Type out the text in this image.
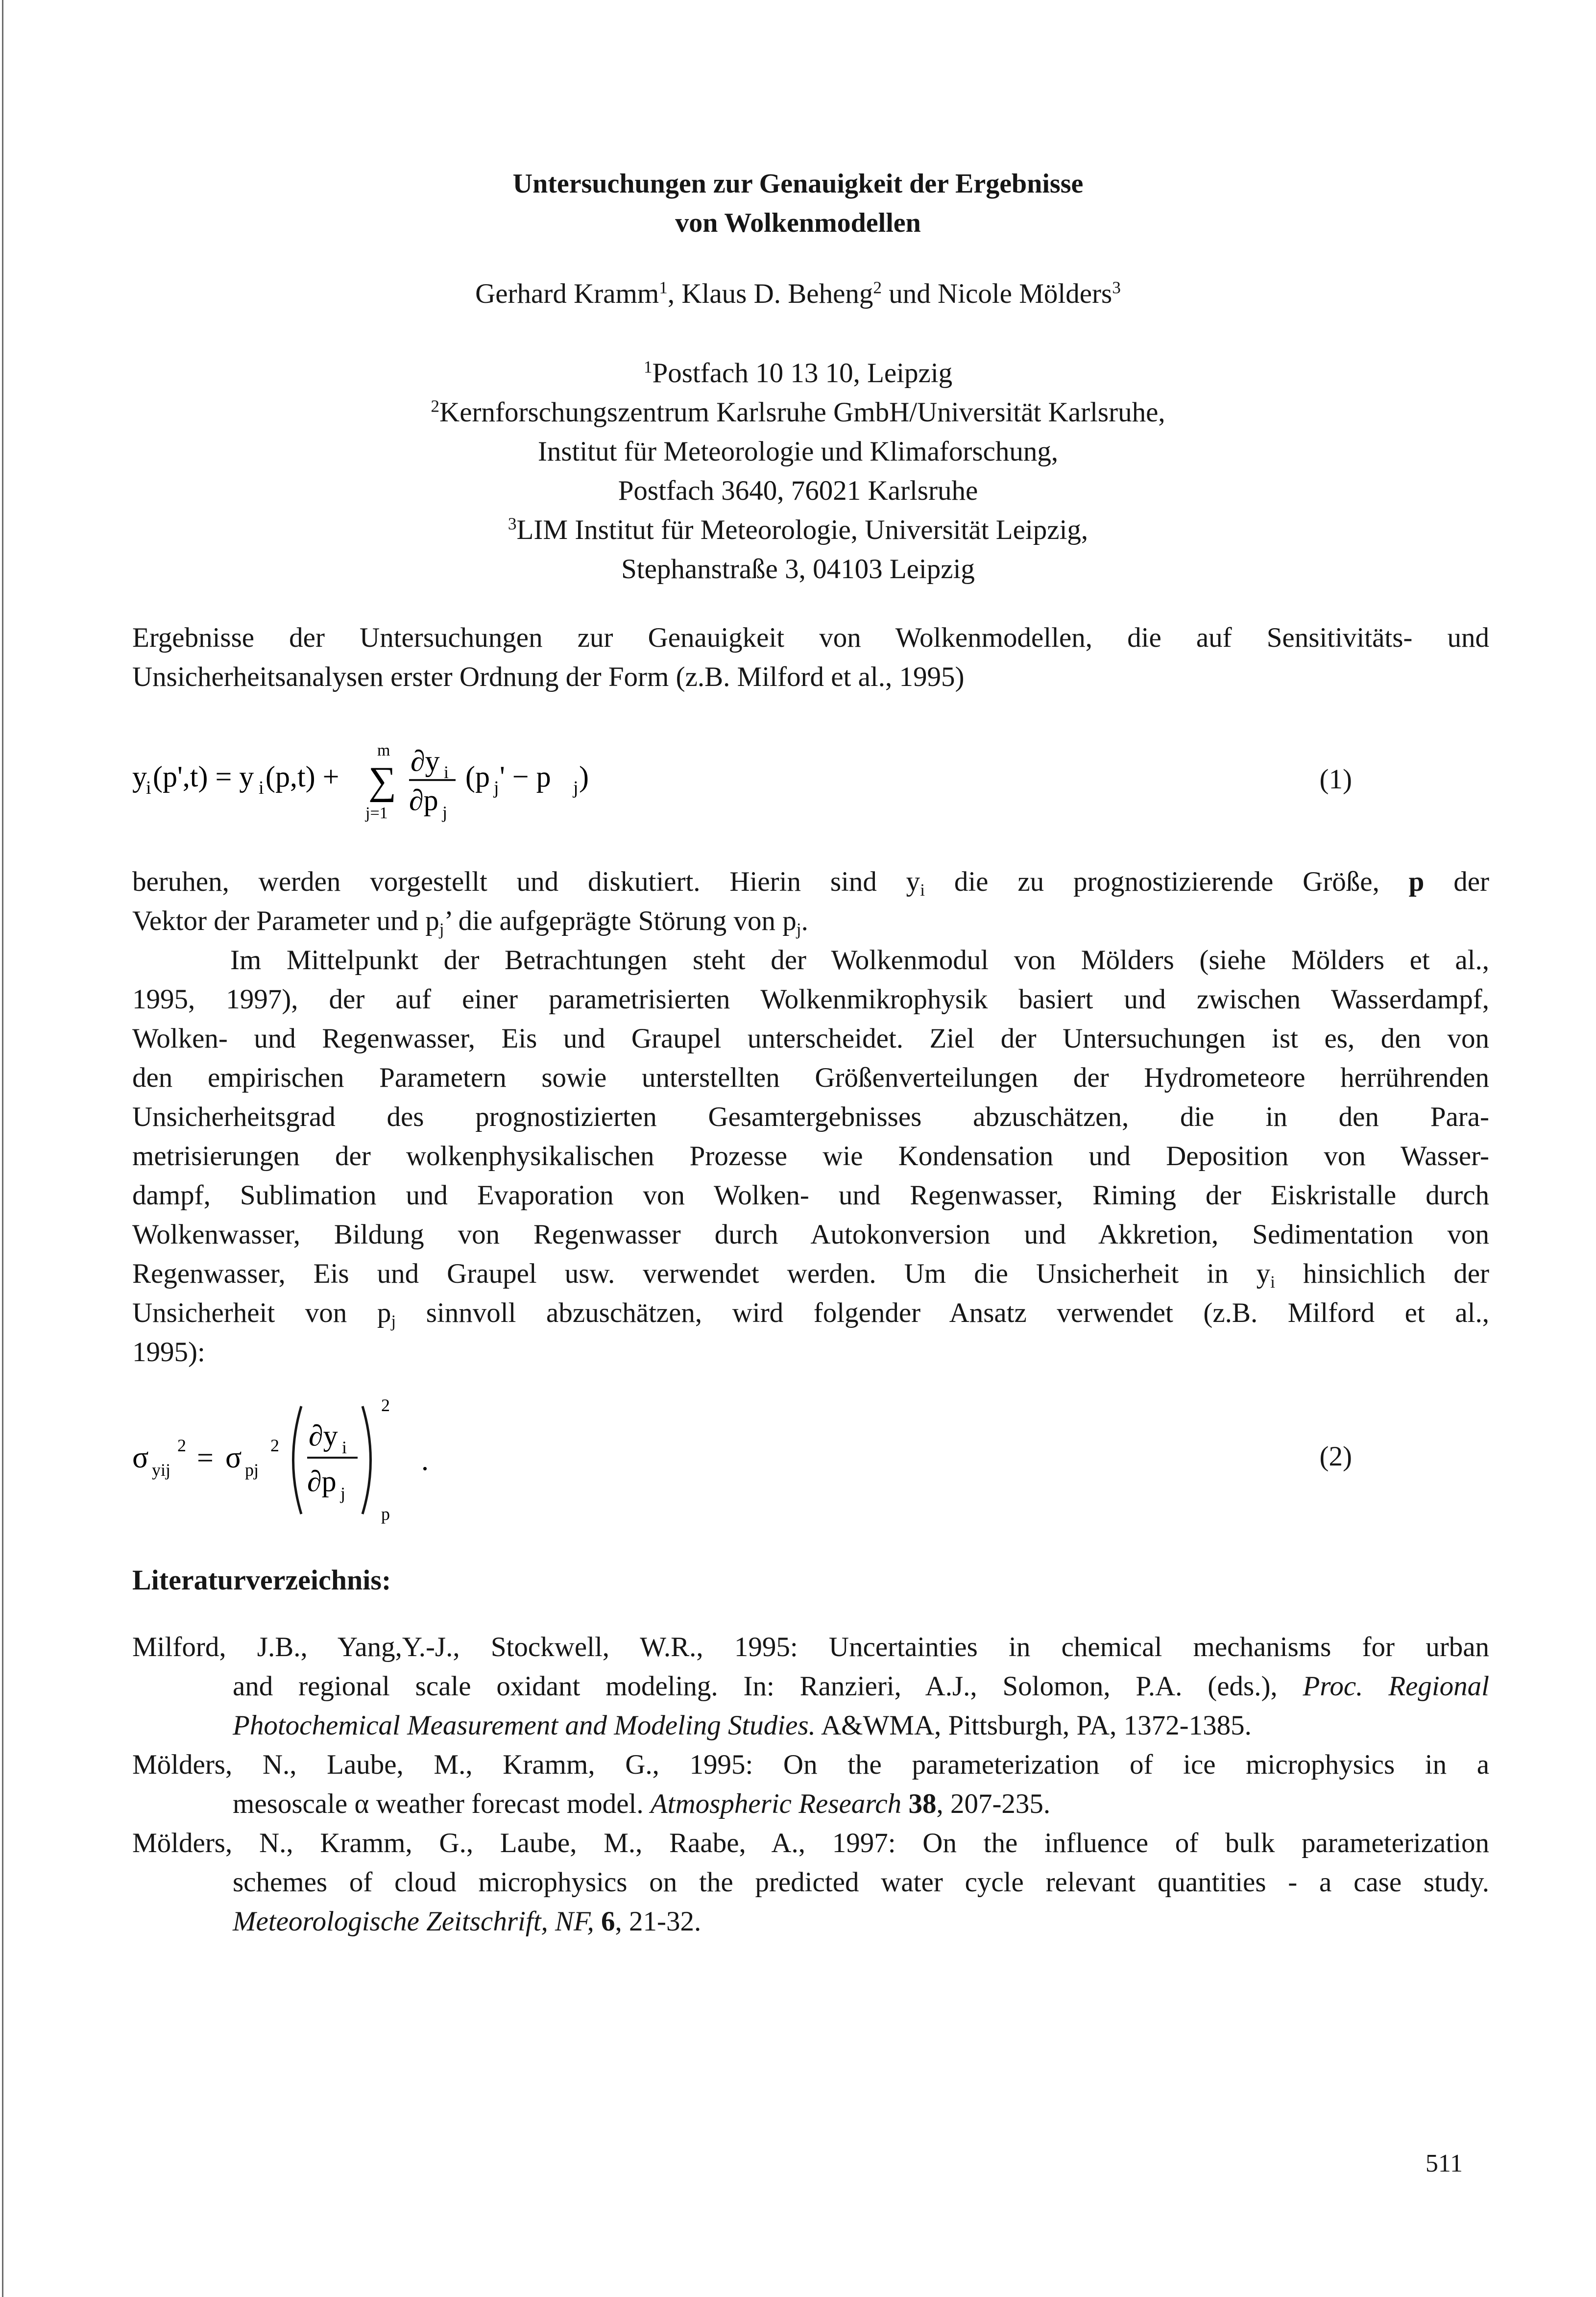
Untersuchungen zur Genauigkeit der Ergebnisse
von Wolkenmodellen
Gerhard Kramm$^1$, Klaus D. Beheng$^2$ und Nicole Mölders$^3$
$^1$Postfach 10 13 10, Leipzig
$^2$Kernforschungszentrum Karlsruhe GmbH/Universität Karlsruhe,
Institut für Meteorologie und Klimaforschung,
Postfach 3640, 76021 Karlsruhe
$^3$LIM Institut für Meteorologie, Universität Leipzig,
Stephanstraße 3, 04103 Leipzig
Ergebnisse der Untersuchungen zur Genauigkeit von Wolkenmodellen, die auf Sensitivitäts- und
Unsicherheitsanalysen erster Ordnung der Form (z.B. Milford et al., 1995)
y
i (p',t) = y i (p,t) +
m
∑
j=1
∂y i
∂p j
(p j ' − p j )	(1)
beruhen, werden vorgestellt und diskutiert. Hierin sind $y_i$ die zu prognostizierende Größe, p der
Vektor der Parameter und $p_j$’ die aufgeprägte Störung von $p_j$.
Im Mittelpunkt der Betrachtungen steht der Wolkenmodul von Mölders (siehe Mölders et al.,
1995, 1997), der auf einer parametrisierten Wolkenmikrophysik basiert und zwischen Wasserdampf,
Wolken- und Regenwasser, Eis und Graupel unterscheidet. Ziel der Untersuchungen ist es, den von
den empirischen Parametern sowie unterstellten Größenverteilungen der Hydrometeore herrührenden
Unsicherheitsgrad des prognostizierten Gesamtergebnisses abzuschätzen, die in den Para-
metrisierungen der wolkenphysikalischen Prozesse wie Kondensation und Deposition von Wasser-
dampf, Sublimation und Evaporation von Wolken- und Regenwasser, Riming der Eiskristalle durch
Wolkenwasser, Bildung von Regenwasser durch Autokonversion und Akkretion, Sedimentation von
Regenwasser, Eis und Graupel usw. verwendet werden. Um die Unsicherheit in $y_i$ hinsichlich der
Unsicherheit von $p_j$ sinnvoll abzuschätzen, wird folgender Ansatz verwendet (z.B. Milford et al.,
1995):
σ yij
2 = σ pj
2 ∂y i
∂p j
2
p
.	(2)
Literaturverzeichnis:
Milford, J.B., Yang,Y.-J., Stockwell, W.R., 1995: Uncertainties in chemical mechanisms for urban
and regional scale oxidant modeling. In: Ranzieri, A.J., Solomon, P.A. (eds.), Proc. Regional
Photochemical Measurement and Modeling Studies. A&WMA, Pittsburgh, PA, 1372-1385.
Mölders, N., Laube, M., Kramm, G., 1995: On the parameterization of ice microphysics in a
mesoscale α weather forecast model. Atmospheric Research 38, 207-235.
Mölders, N., Kramm, G., Laube, M., Raabe, A., 1997: On the influence of bulk parameterization
schemes of cloud microphysics on the predicted water cycle relevant quantities - a case study.
Meteorologische Zeitschrift, NF, 6, 21-32.
511
